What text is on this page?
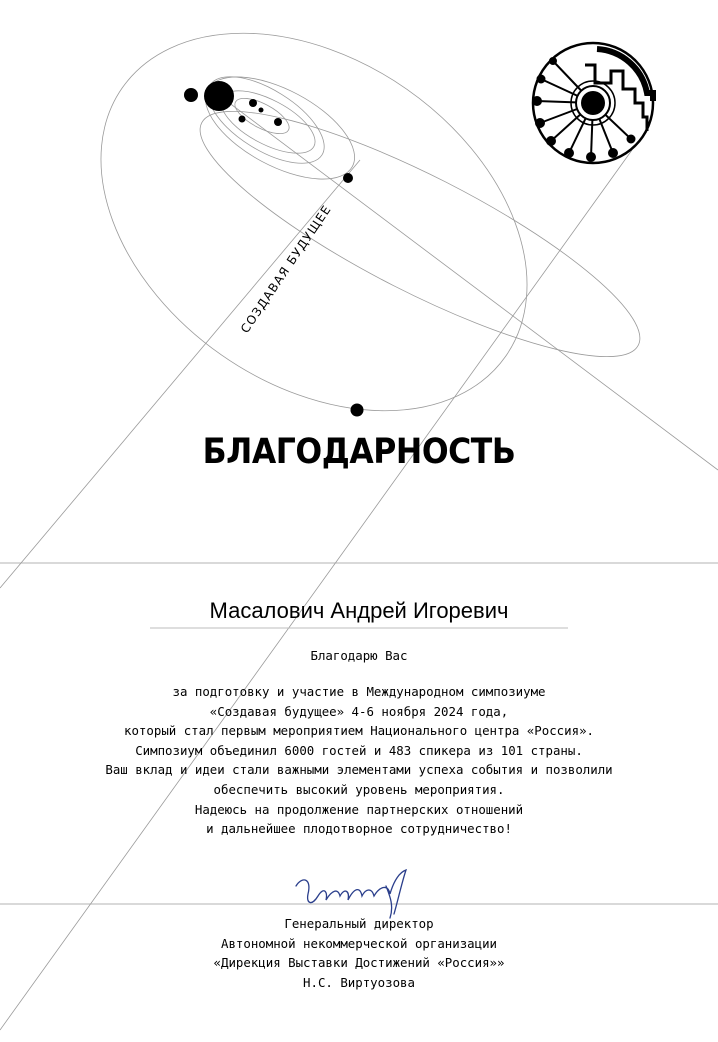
СОЗДАВАЯ БУДУЩЕЕ
БЛАГОДАРНОСТЬ
Масалович Андрей Игоревич
Благодарю Вас
за подготовку и участие в Международном симпозиуме
«Создавая будущее» 4-6 ноября 2024 года,
который стал первым мероприятием Национального центра «Россия».
Симпозиум объединил 6000 гостей и 483 спикера из 101 страны.
Ваш вклад и идеи стали важными элементами успеха события и позволили
обеспечить высокий уровень мероприятия.
Надеюсь на продолжение партнерских отношений
и дальнейшее плодотворное сотрудничество!
Генеральный директор
Автономной некоммерческой организации
«Дирекция Выставки Достижений «Россия»»
Н.С. Виртуозова
